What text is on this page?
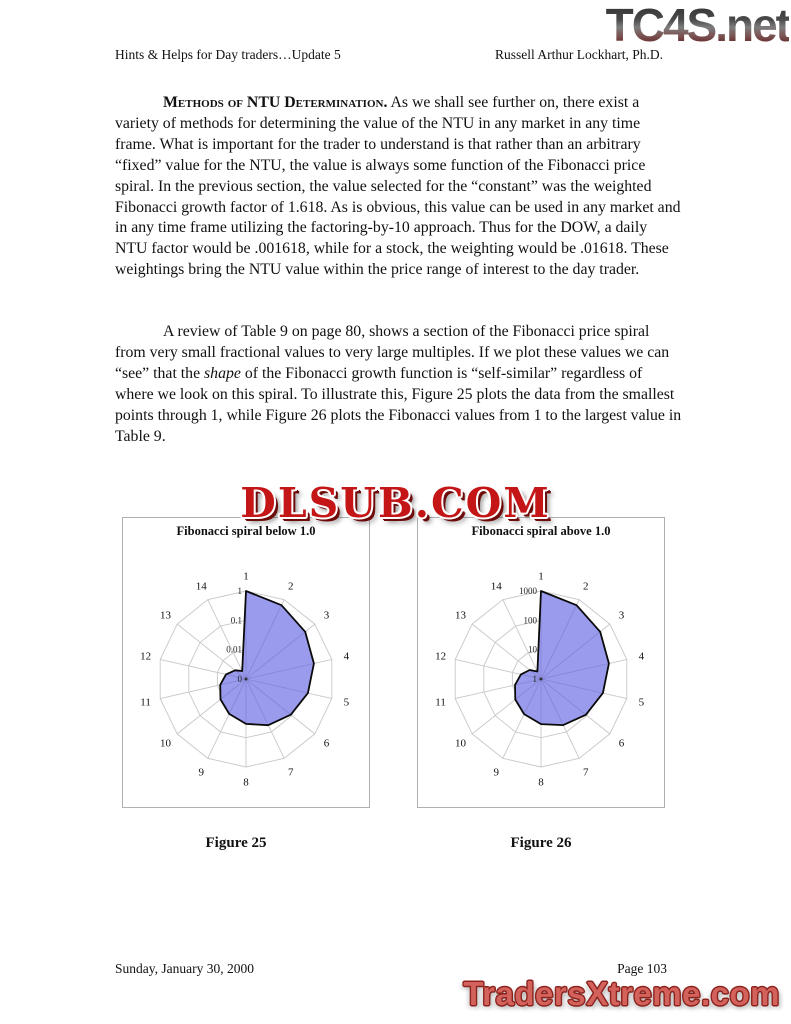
TC4S.net
Hints & Helps for Day traders…Update 5	Russell Arthur Lockhart, Ph.D.
Methods of NTU Determination. As we shall see further on, there exist a variety of methods for determining the value of the NTU in any market in any time frame. What is important for the trader to understand is that rather than an arbitrary “fixed” value for the NTU, the value is always some function of the Fibonacci price spiral. In the previous section, the value selected for the “constant” was the weighted Fibonacci growth factor of 1.618. As is obvious, this value can be used in any market and in any time frame utilizing the factoring-by-10 approach. Thus for the DOW, a daily NTU factor would be .001618, while for a stock, the weighting would be .01618. These weightings bring the NTU value within the price range of interest to the day trader.
A review of Table 9 on page 80, shows a section of the Fibonacci price spiral from very small fractional values to very large multiples. If we plot these values we can “see” that the shape of the Fibonacci growth function is “self-similar” regardless of where we look on this spiral. To illustrate this, Figure 25 plots the data from the smallest points through 1, while Figure 26 plots the Fibonacci values from 1 to the largest value in Table 9.
1
2
3
4
5
6
7
8
9
10
11
12
13
14	1
0.1
0.01
0
Fibonacci spiral below 1.0
1
2
3
4
5
6
7
8
9
10
11
12
13
14 1000
100
10
1
Fibonacci spiral above 1.0
DLSUB.COM
Figure 25	Figure 26
Sunday, January 30, 2000	Page 103
TradersXtreme.com
